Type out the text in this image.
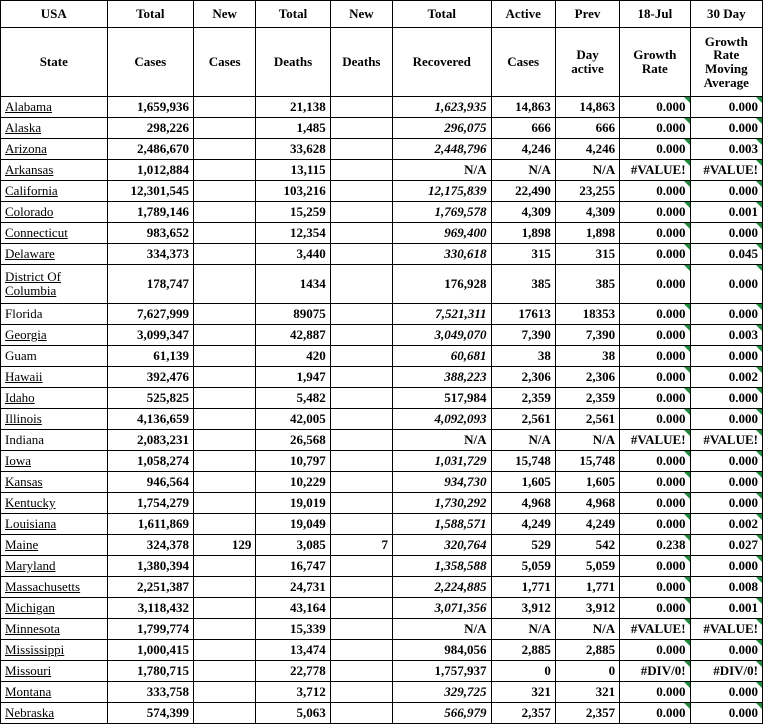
USA	Total	New	Total	New	Total	Active	Prev	18-Jul	30 Day
State	Cases	Cases	Deaths	Deaths	Recovered	Cases	Day active	Growth Rate	Growth Rate Moving Average
Alabama	1,659,936		21,138		1,623,935	14,863	14,863	0.000	0.000
Alaska	298,226		1,485		296,075	666	666	0.000	0.000
Arizona	2,486,670		33,628		2,448,796	4,246	4,246	0.000	0.003
Arkansas	1,012,884		13,115		N/A	N/A	N/A	#VALUE!	#VALUE!
California	12,301,545		103,216		12,175,839	22,490	23,255	0.000	0.000
Colorado	1,789,146		15,259		1,769,578	4,309	4,309	0.000	0.001
Connecticut	983,652		12,354		969,400	1,898	1,898	0.000	0.000
Delaware	334,373		3,440		330,618	315	315	0.000	0.045
District Of Columbia	178,747		1434		176,928	385	385	0.000	0.000
Florida	7,627,999		89075		7,521,311	17613	18353	0.000	0.000
Georgia	3,099,347		42,887		3,049,070	7,390	7,390	0.000	0.003
Guam	61,139		420		60,681	38	38	0.000	0.000
Hawaii	392,476		1,947		388,223	2,306	2,306	0.000	0.002
Idaho	525,825		5,482		517,984	2,359	2,359	0.000	0.000
Illinois	4,136,659		42,005		4,092,093	2,561	2,561	0.000	0.000
Indiana	2,083,231		26,568		N/A	N/A	N/A	#VALUE!	#VALUE!
Iowa	1,058,274		10,797		1,031,729	15,748	15,748	0.000	0.000
Kansas	946,564		10,229		934,730	1,605	1,605	0.000	0.000
Kentucky	1,754,279		19,019		1,730,292	4,968	4,968	0.000	0.000
Louisiana	1,611,869		19,049		1,588,571	4,249	4,249	0.000	0.002
Maine	324,378	129	3,085	7	320,764	529	542	0.238	0.027
Maryland	1,380,394		16,747		1,358,588	5,059	5,059	0.000	0.000
Massachusetts	2,251,387		24,731		2,224,885	1,771	1,771	0.000	0.008
Michigan	3,118,432		43,164		3,071,356	3,912	3,912	0.000	0.001
Minnesota	1,799,774		15,339		N/A	N/A	N/A	#VALUE!	#VALUE!
Mississippi	1,000,415		13,474		984,056	2,885	2,885	0.000	0.000
Missouri	1,780,715		22,778		1,757,937	0	0	#DIV/0!	#DIV/0!
Montana	333,758		3,712		329,725	321	321	0.000	0.000
Nebraska	574,399		5,063		566,979	2,357	2,357	0.000	0.000
